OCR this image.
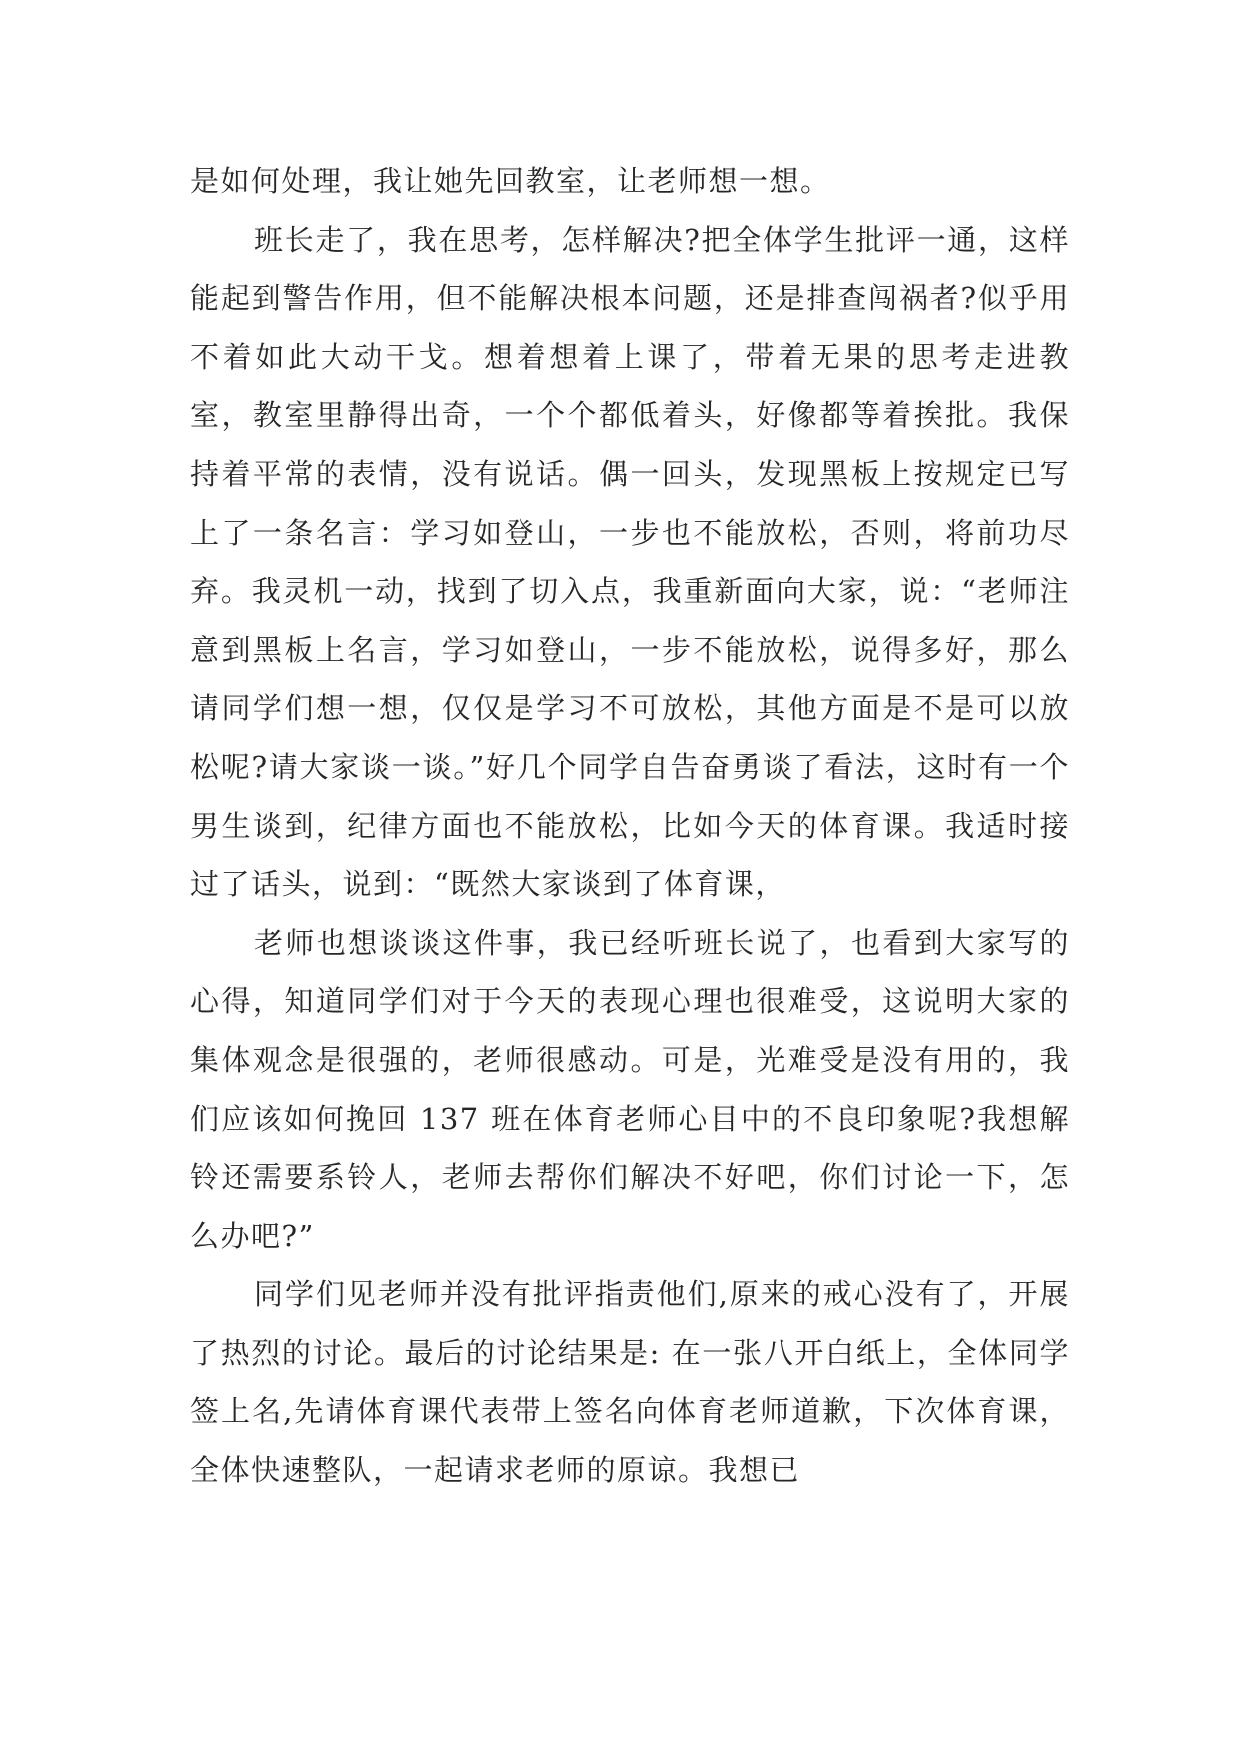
是如何处理，我让她先回教室，让老师想一想。

班长走了，我在思考，怎样解决?把全体学生批评一通，这样能起到警告作用，但不能解决根本问题，还是排查闯祸者?似乎用不着如此大动干戈。想着想着上课了，带着无果的思考走进教室，教室里静得出奇，一个个都低着头，好像都等着挨批。我保持着平常的表情，没有说话。偶一回头，发现黑板上按规定已写上了一条名言：学习如登山，一步也不能放松，否则，将前功尽弃。我灵机一动，找到了切入点，我重新面向大家，说：“老师注意到黑板上名言，学习如登山，一步不能放松，说得多好，那么请同学们想一想，仅仅是学习不可放松，其他方面是不是可以放松呢?请大家谈一谈。”好几个同学自告奋勇谈了看法，这时有一个男生谈到，纪律方面也不能放松，比如今天的体育课。我适时接过了话头，说到：“既然大家谈到了体育课，

老师也想谈谈这件事，我已经听班长说了，也看到大家写的心得，知道同学们对于今天的表现心理也很难受，这说明大家的集体观念是很强的，老师很感动。可是，光难受是没有用的，我们应该如何挽回 137 班在体育老师心目中的不良印象呢?我想解铃还需要系铃人，老师去帮你们解决不好吧，你们讨论一下，怎么办吧?”

同学们见老师并没有批评指责他们,原来的戒心没有了，开展了热烈的讨论。最后的讨论结果是: 在一张八开白纸上，全体同学签上名,先请体育课代表带上签名向体育老师道歉，下次体育课，全体快速整队，一起请求老师的原谅。我想已
